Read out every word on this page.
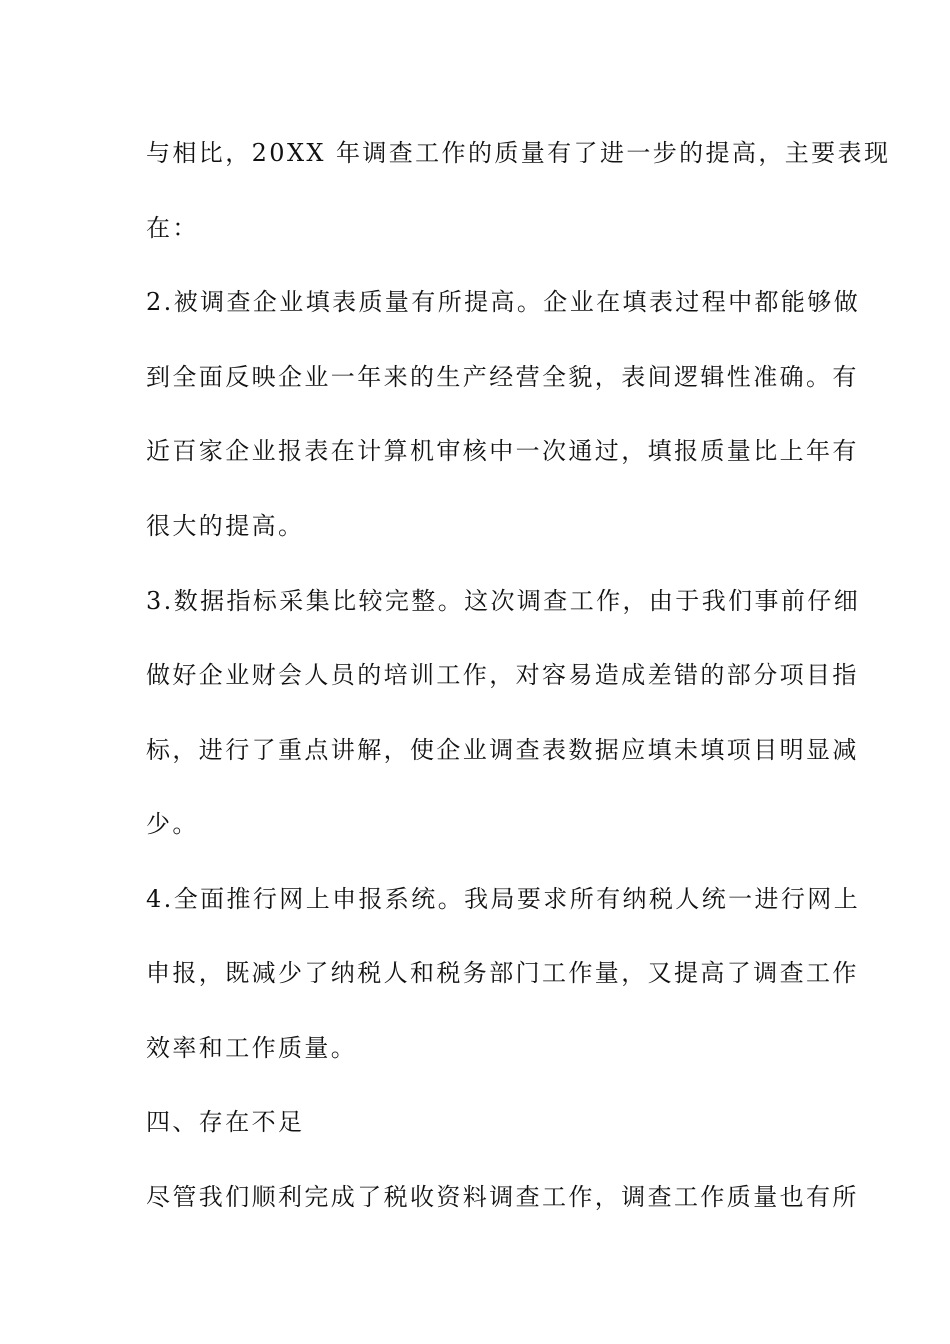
与相比，20XX 年调查工作的质量有了进一步的提高，主要表现
在：
2.被调查企业填表质量有所提高。企业在填表过程中都能够做
到全面反映企业一年来的生产经营全貌，表间逻辑性准确。有
近百家企业报表在计算机审核中一次通过，填报质量比上年有
很大的提高。
3.数据指标采集比较完整。这次调查工作，由于我们事前仔细
做好企业财会人员的培训工作，对容易造成差错的部分项目指
标，进行了重点讲解，使企业调查表数据应填未填项目明显减
少。
4.全面推行网上申报系统。我局要求所有纳税人统一进行网上
申报，既减少了纳税人和税务部门工作量，又提高了调查工作
效率和工作质量。
四、存在不足
尽管我们顺利完成了税收资料调查工作，调查工作质量也有所
